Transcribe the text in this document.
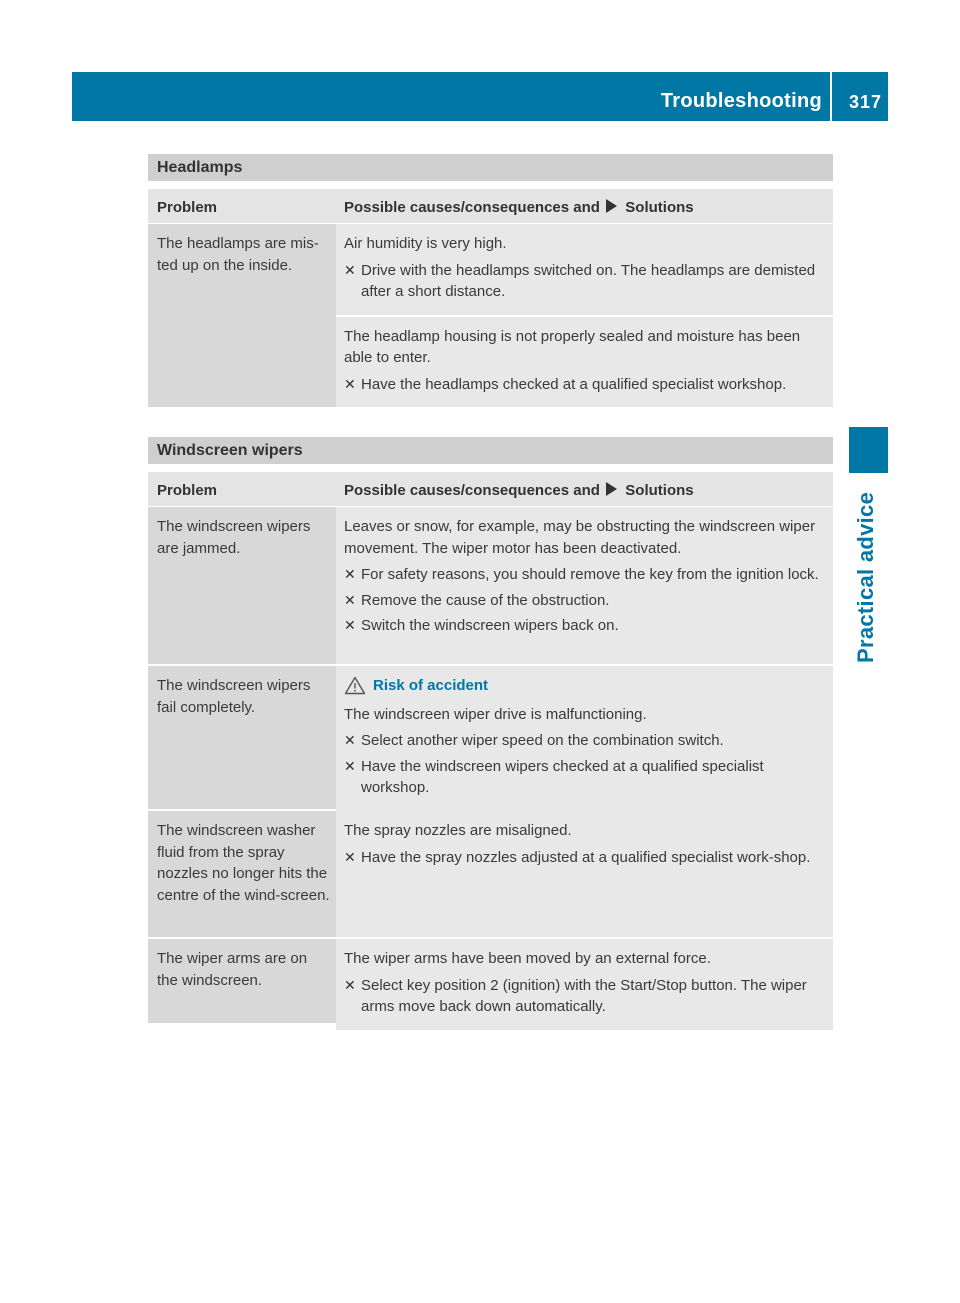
Troubleshooting 317
Practical advice
Headlamps
Problem	Possible causes/consequences and Solutions
The headlamps are mis-ted up on the inside.

Air humidity is very high.

✕ Drive with the headlamps switched on. The headlamps are demisted after a short distance.

The headlamp housing is not properly sealed and moisture has been able to enter.

✕ Have the headlamps checked at a qualified specialist workshop.
Windscreen wipers
Problem	Possible causes/consequences and Solutions
The windscreen wipers are jammed.

Leaves or snow, for example, may be obstructing the windscreen wiper movement. The wiper motor has been deactivated.

✕ For safety reasons, you should remove the key from the ignition lock.
✕ Remove the cause of the obstruction.
✕ Switch the windscreen wipers back on.
The windscreen wipers fail completely.
Risk of accident

The windscreen wiper drive is malfunctioning.

✕ Select another wiper speed on the combination switch.
✕ Have the windscreen wipers checked at a qualified specialist workshop.
The windscreen washer fluid from the spray nozzles no longer hits the centre of the wind-screen.

The spray nozzles are misaligned.

✕ Have the spray nozzles adjusted at a qualified specialist work-shop.
The wiper arms are on the windscreen.

The wiper arms have been moved by an external force.

✕ Select key position 2 (ignition) with the Start/Stop button. The wiper arms move back down automatically.
